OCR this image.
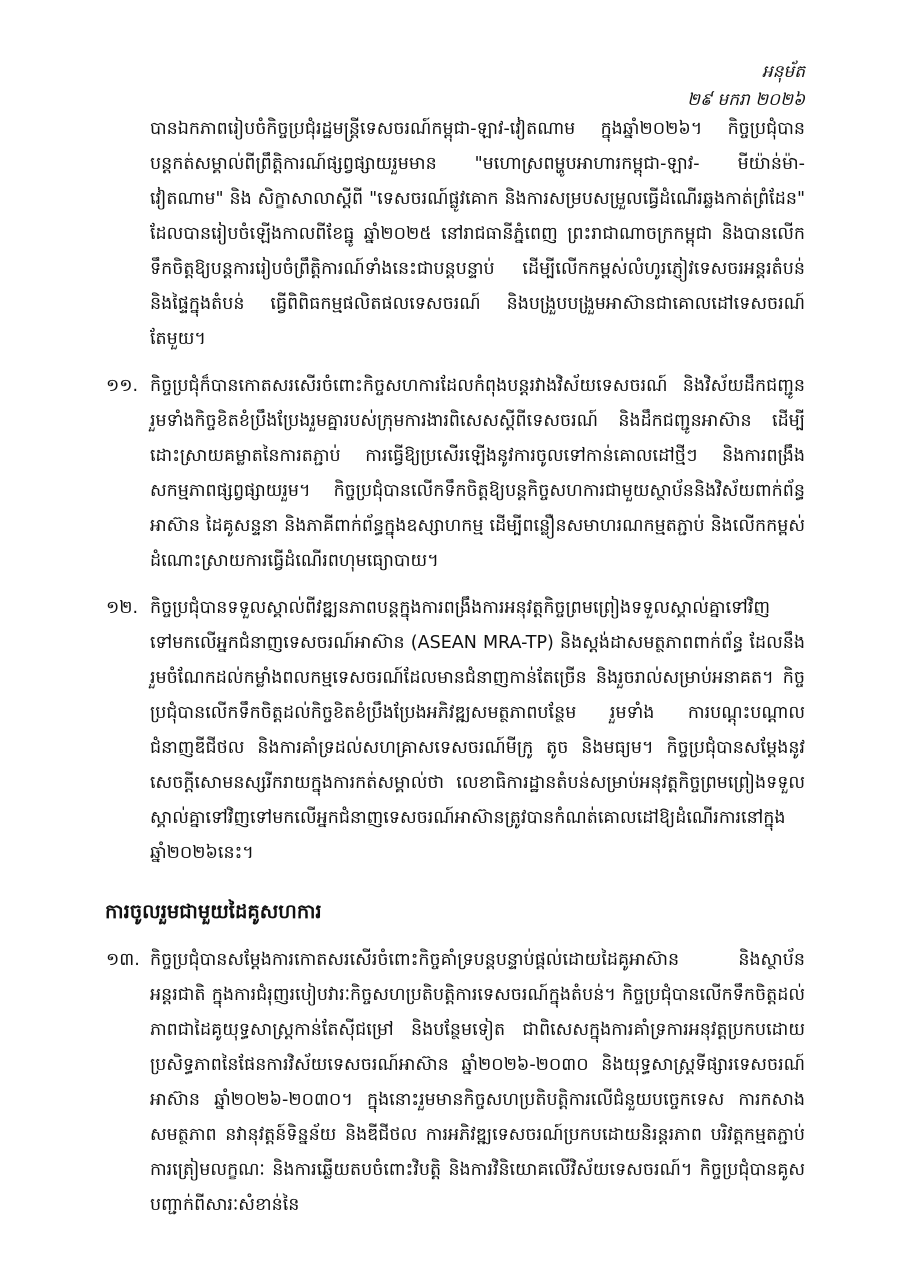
អនុម័ត
២៩ មករា ២០២៦

បានឯកភាពរៀបចំកិច្ចប្រជុំរដ្ឋមន្ត្រីទេសចរណ៍កម្ពុជា-ឡាវ-វៀតណាម ក្នុងឆ្នាំ២០២៦។ កិច្ចប្រជុំបានបន្តកត់សម្គាល់ពីព្រឹត្តិការណ៍ផ្សព្វផ្សាយរួមមាន "មហោស្រពម្ហូបអាហារកម្ពុជា-ឡាវ- មីយ៉ាន់ម៉ា-វៀតណាម" និង សិក្ខាសាលាស្តីពី "ទេសចរណ៍ផ្លូវគោក និងការសម្របសម្រួលធ្វើដំណើរឆ្លងកាត់ព្រំដែន" ដែលបានរៀបចំឡើងកាលពីខែធ្នូ ឆ្នាំ២០២៥ នៅរាជធានីភ្នំពេញ ព្រះរាជាណាចក្រកម្ពុជា និងបានលើកទឹកចិត្តឱ្យបន្តការរៀបចំព្រឹត្តិការណ៍ទាំងនេះជាបន្តបន្ទាប់ ដើម្បីលើកកម្ពស់លំហូរភ្ញៀវទេសចរអន្តរតំបន់ និងផ្ទៃក្នុងតំបន់ ធ្វើពិពិធកម្មផលិតផលទេសចរណ៍ និងបង្រួបបង្រួមអាស៊ានជាគោលដៅទេសចរណ៍តែមួយ។

១១. កិច្ចប្រជុំក៏បានកោតសរសើរចំពោះកិច្ចសហការដែលកំពុងបន្តរវាងវិស័យទេសចរណ៍ និងវិស័យដឹកជញ្ជូន រួមទាំងកិច្ចខិតខំប្រឹងប្រែងរួមគ្នារបស់ក្រុមការងារពិសេសស្តីពីទេសចរណ៍ និងដឹកជញ្ជូនអាស៊ាន ដើម្បីដោះស្រាយគម្លាតនៃការតភ្ជាប់ ការធ្វើឱ្យប្រសើរឡើងនូវការចូលទៅកាន់គោលដៅថ្មីៗ និងការពង្រឹងសកម្មភាពផ្សព្វផ្សាយរួម។ កិច្ចប្រជុំបានលើកទឹកចិត្តឱ្យបន្តកិច្ចសហការជាមួយស្ថាប័ននិងវិស័យពាក់ព័ន្ធអាស៊ាន ដៃគូសន្ទនា និងភាគីពាក់ព័ន្ធក្នុងឧស្សាហកម្ម ដើម្បីពន្លឿនសមាហរណកម្មតភ្ជាប់ និងលើកកម្ពស់ដំណោះស្រាយការធ្វើដំណើរពហុមធ្យោបាយ។

១២. កិច្ចប្រជុំបានទទួលស្គាល់ពីវឌ្ឍនភាពបន្តក្នុងការពង្រឹងការអនុវត្តកិច្ចព្រមព្រៀងទទួលស្គាល់គ្នាទៅវិញទៅមកលើអ្នកជំនាញទេសចរណ៍អាស៊ាន (ASEAN MRA-TP) និងស្តង់ដាសមត្ថភាពពាក់ព័ន្ធ ដែលនឹងរួមចំណែកដល់កម្លាំងពលកម្មទេសចរណ៍ដែលមានជំនាញកាន់តែច្រើន និងរួចរាល់សម្រាប់អនាគត។ កិច្ចប្រជុំបានលើកទឹកចិត្តដល់កិច្ចខិតខំប្រឹងប្រែងអភិវឌ្ឍសមត្ថភាពបន្ថែម រួមទាំង ការបណ្តុះបណ្តាលជំនាញឌីជីថល និងការគាំទ្រដល់សហគ្រាសទេសចរណ៍មីក្រូ តូច និងមធ្យម។ កិច្ចប្រជុំបានសម្តែងនូវសេចក្តីសោមនស្សរីករាយក្នុងការកត់សម្គាល់ថា លេខាធិការដ្ឋានតំបន់សម្រាប់អនុវត្តកិច្ចព្រមព្រៀងទទួលស្គាល់គ្នាទៅវិញទៅមកលើអ្នកជំនាញទេសចរណ៍អាស៊ានត្រូវបានកំណត់គោលដៅឱ្យដំណើរការនៅក្នុងឆ្នាំ២០២៦នេះ។

ការចូលរួមជាមួយដៃគូសហការ

១៣. កិច្ចប្រជុំបានសម្តែងការកោតសរសើរចំពោះកិច្ចគាំទ្របន្តបន្ទាប់ផ្តល់ដោយដៃគូអាស៊ាន និងស្ថាប័នអន្តរជាតិ ក្នុងការជំរុញរបៀបវារៈកិច្ចសហប្រតិបត្តិការទេសចរណ៍ក្នុងតំបន់។ កិច្ចប្រជុំបានលើកទឹកចិត្តដល់ភាពជាដៃគូយុទ្ធសាស្ត្រកាន់តែស៊ីជម្រៅ និងបន្ថែមទៀត ជាពិសេសក្នុងការគាំទ្រការអនុវត្តប្រកបដោយប្រសិទ្ធភាពនៃផែនការវិស័យទេសចរណ៍អាស៊ាន ឆ្នាំ២០២៦-២០៣០ និងយុទ្ធសាស្ត្រទីផ្សារទេសចរណ៍អាស៊ាន ឆ្នាំ២០២៦-២០៣០។ ក្នុងនោះរួមមានកិច្ចសហប្រតិបត្តិការលើជំនួយបច្ចេកទេស ការកសាងសមត្ថភាព នវានុវត្តន៍ទិន្នន័យ និងឌីជីថល ការអភិវឌ្ឍទេសចរណ៍ប្រកបដោយនិរន្តរភាព បរិវត្តកម្មតភ្ជាប់ ការត្រៀមលក្ខណៈ និងការឆ្លើយតបចំពោះវិបត្តិ និងការវិនិយោគលើវិស័យទេសចរណ៍។ កិច្ចប្រជុំបានគូសបញ្ជាក់ពីសារៈសំខាន់នៃ
